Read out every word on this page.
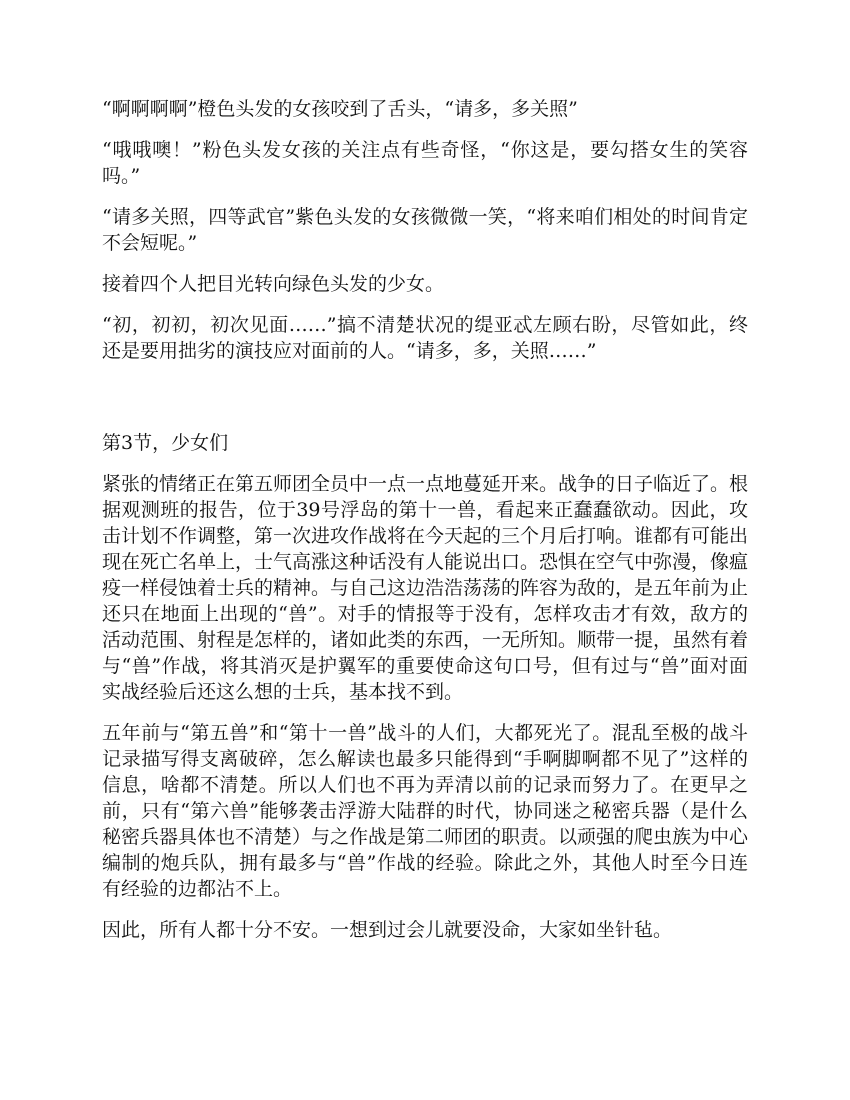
“啊啊啊啊”橙色头发的女孩咬到了舌头，“请多，多关照”

“哦哦噢！”粉色头发女孩的关注点有些奇怪，“你这是，要勾搭女生的笑容吗。”

“请多关照，四等武官”紫色头发的女孩微微一笑，“将来咱们相处的时间肯定不会短呢。”

接着四个人把目光转向绿色头发的少女。

“初，初初，初次见面……”搞不清楚状况的缇亚忒左顾右盼，尽管如此，终还是要用拙劣的演技应对面前的人。“请多，多，关照……”

第3节，少女们

紧张的情绪正在第五师团全员中一点一点地蔓延开来。战争的日子临近了。根据观测班的报告，位于39号浮岛的第十一兽，看起来正蠢蠢欲动。因此，攻击计划不作调整，第一次进攻作战将在今天起的三个月后打响。谁都有可能出现在死亡名单上，士气高涨这种话没有人能说出口。恐惧在空气中弥漫，像瘟疫一样侵蚀着士兵的精神。与自己这边浩浩荡荡的阵容为敌的，是五年前为止还只在地面上出现的“兽”。对手的情报等于没有，怎样攻击才有效，敌方的活动范围、射程是怎样的，诸如此类的东西，一无所知。顺带一提，虽然有着与“兽”作战，将其消灭是护翼军的重要使命这句口号，但有过与“兽”面对面实战经验后还这么想的士兵，基本找不到。

五年前与“第五兽”和“第十一兽”战斗的人们，大都死光了。混乱至极的战斗记录描写得支离破碎，怎么解读也最多只能得到“手啊脚啊都不见了”这样的信息，啥都不清楚。所以人们也不再为弄清以前的记录而努力了。在更早之前，只有“第六兽”能够袭击浮游大陆群的时代，协同迷之秘密兵器（是什么秘密兵器具体也不清楚）与之作战是第二师团的职责。以顽强的爬虫族为中心编制的炮兵队，拥有最多与“兽”作战的经验。除此之外，其他人时至今日连有经验的边都沾不上。

因此，所有人都十分不安。一想到过会儿就要没命，大家如坐针毡。
